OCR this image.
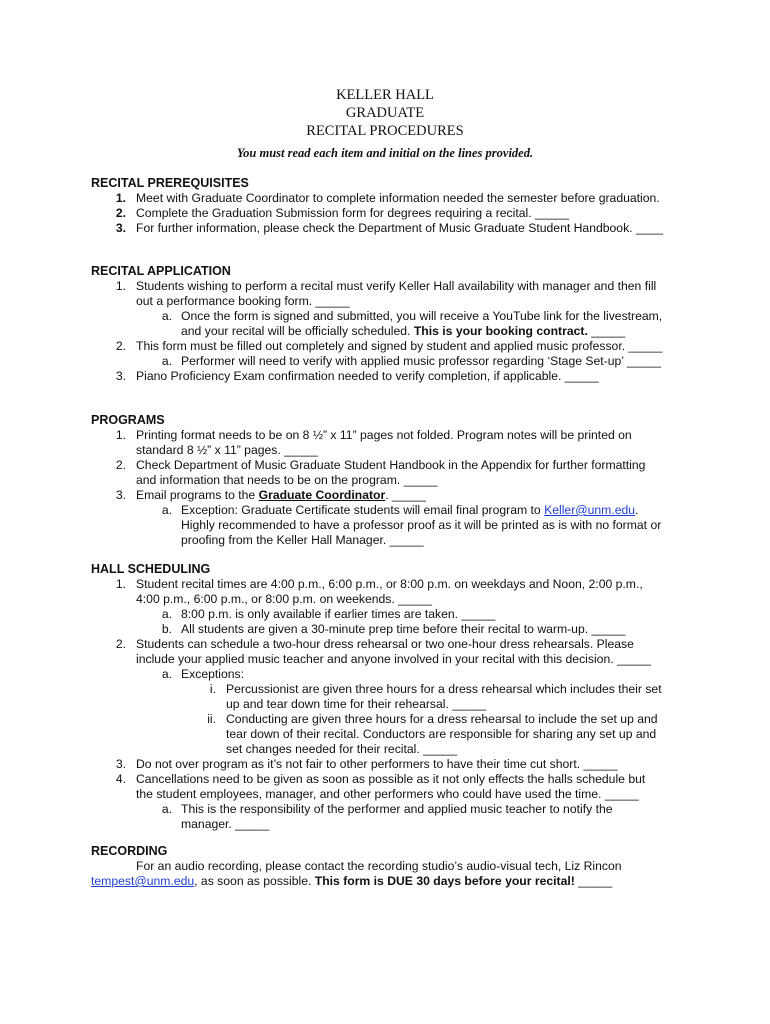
KELLER HALL
GRADUATE
RECITAL PROCEDURES
You must read each item and initial on the lines provided.
RECITAL PREREQUISITES
1. Meet with Graduate Coordinator to complete information needed the semester before graduation.
2. Complete the Graduation Submission form for degrees requiring a recital. _____
3. For further information, please check the Department of Music Graduate Student Handbook. ____
RECITAL APPLICATION
1. Students wishing to perform a recital must verify Keller Hall availability with manager and then fill
out a performance booking form. _____
a. Once the form is signed and submitted, you will receive a YouTube link for the livestream,
and your recital will be officially scheduled. This is your booking contract. _____
2. This form must be filled out completely and signed by student and applied music professor. _____
a. Performer will need to verify with applied music professor regarding ‘Stage Set-up’ _____
3. Piano Proficiency Exam confirmation needed to verify completion, if applicable. _____
PROGRAMS
1. Printing format needs to be on 8 ½” x 11” pages not folded. Program notes will be printed on
standard 8 ½” x 11” pages. _____
2. Check Department of Music Graduate Student Handbook in the Appendix for further formatting
and information that needs to be on the program. _____
3. Email programs to the Graduate Coordinator. _____
a. Exception: Graduate Certificate students will email final program to Keller@unm.edu.
Highly recommended to have a professor proof as it will be printed as is with no format or
proofing from the Keller Hall Manager. _____
HALL SCHEDULING
1. Student recital times are 4:00 p.m., 6:00 p.m., or 8:00 p.m. on weekdays and Noon, 2:00 p.m.,
4:00 p.m., 6:00 p.m., or 8:00 p.m. on weekends. _____
a. 8:00 p.m. is only available if earlier times are taken. _____
b. All students are given a 30-minute prep time before their recital to warm-up. _____
2. Students can schedule a two-hour dress rehearsal or two one-hour dress rehearsals. Please
include your applied music teacher and anyone involved in your recital with this decision. _____
a. Exceptions:
i. Percussionist are given three hours for a dress rehearsal which includes their set
up and tear down time for their rehearsal. _____
ii. Conducting are given three hours for a dress rehearsal to include the set up and
tear down of their recital. Conductors are responsible for sharing any set up and
set changes needed for their recital. _____
3. Do not over program as it’s not fair to other performers to have their time cut short. _____
4. Cancellations need to be given as soon as possible as it not only effects the halls schedule but
the student employees, manager, and other performers who could have used the time. _____
a. This is the responsibility of the performer and applied music teacher to notify the
manager. _____
RECORDING
For an audio recording, please contact the recording studio’s audio-visual tech, Liz Rincon
tempest@unm.edu, as soon as possible. This form is DUE 30 days before your recital! _____
